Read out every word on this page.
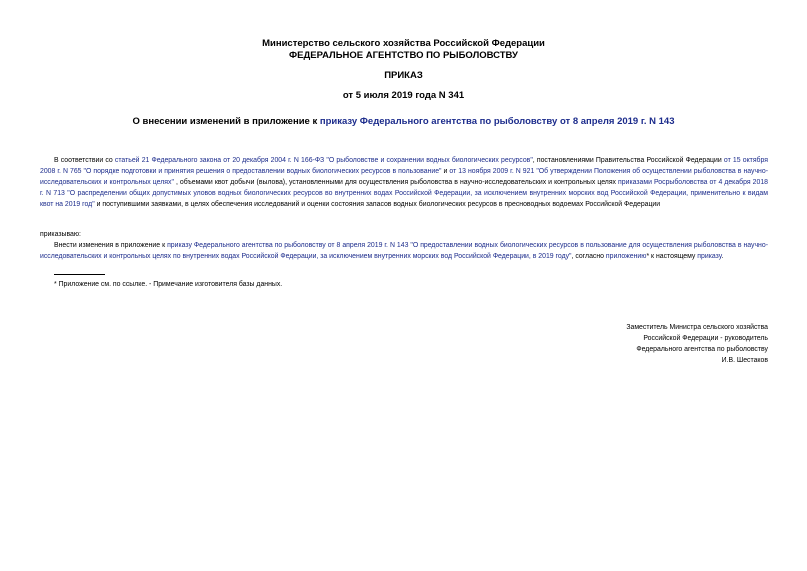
Министерство сельского хозяйства Российской Федерации
ФЕДЕРАЛЬНОЕ АГЕНТСТВО ПО РЫБОЛОВСТВУ
ПРИКАЗ
от 5 июля 2019 года N 341
О внесении изменений в приложение к приказу Федерального агентства по рыболовству от 8 апреля 2019 г. N 143
В соответствии со статьей 21 Федерального закона от 20 декабря 2004 г. N 166-ФЗ "О рыболовстве и сохранении водных биологических ресурсов", постановлениями Правительства Российской Федерации от 15 октября 2008 г. N 765 "О порядке подготовки и принятия решения о предоставлении водных биологических ресурсов в пользование" и от 13 ноября 2009 г. N 921 "Об утверждении Положения об осуществлении рыболовства в научно-исследовательских и контрольных целях" , объемами квот добычи (вылова), установленными для осуществления рыболовства в научно-исследовательских и контрольных целях приказами Росрыболовства от 4 декабря 2018 г. N 713 "О распределении общих допустимых уловов водных биологических ресурсов во внутренних водах Российской Федерации, за исключением внутренних морских вод Российской Федерации, применительно к видам квот на 2019 год" и поступившими заявками, в целях обеспечения исследований и оценки состояния запасов водных биологических ресурсов в пресноводных водоемах Российской Федерации
приказываю:
Внести изменения в приложение к приказу Федерального агентства по рыболовству от 8 апреля 2019 г. N 143 "О предоставлении водных биологических ресурсов в пользование для осуществления рыболовства в научно-исследовательских и контрольных целях по внутренних водах Российской Федерации, за исключением внутренних морских вод Российской Федерации, в 2019 году", согласно приложению* к настоящему приказу.
* Приложение см. по ссылке. - Примечание изготовителя базы данных.
Заместитель Министра сельского хозяйства
Российской Федерации - руководитель
Федерального агентства по рыболовству
И.В. Шестаков
